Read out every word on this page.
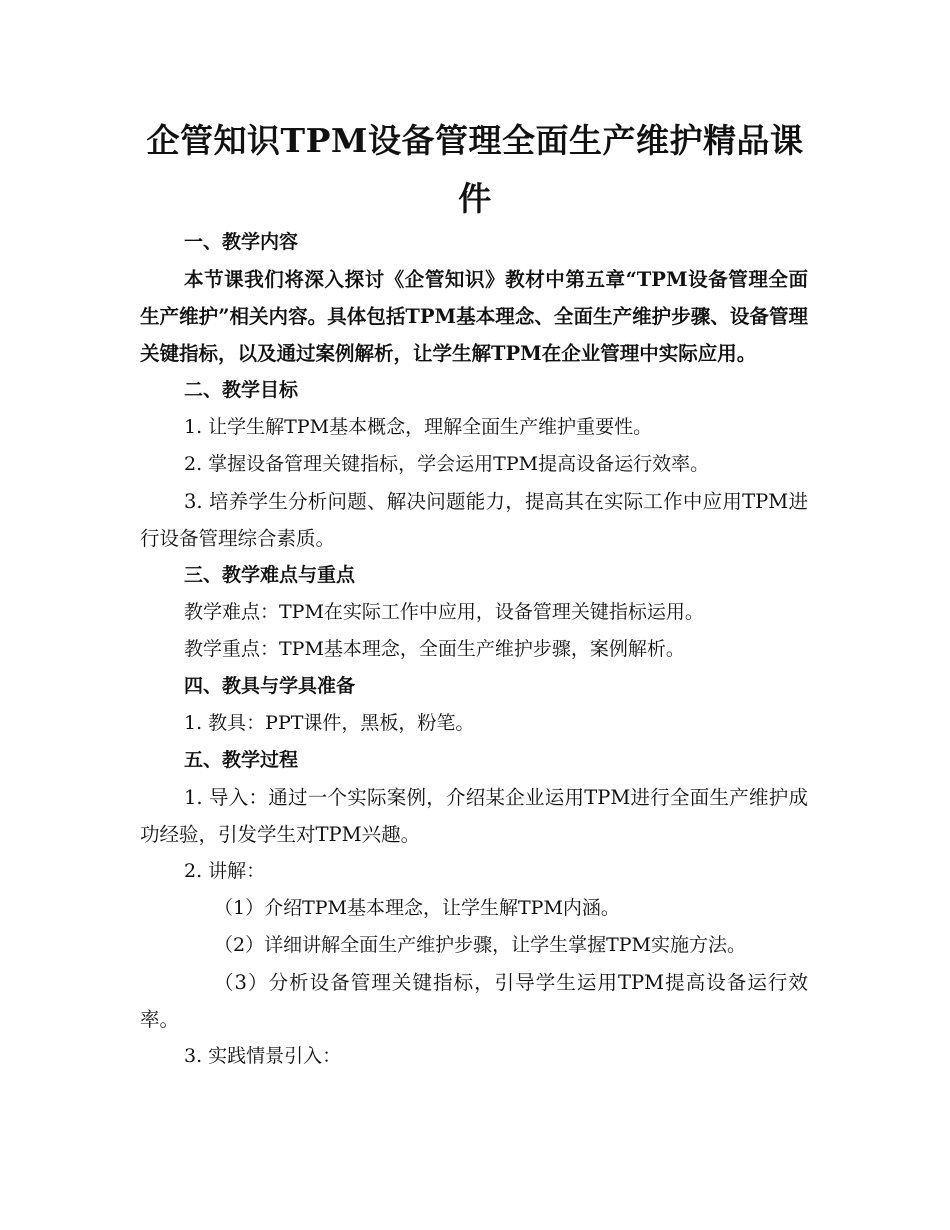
企管知识TPM设备管理全面生产维护精品课件

一、教学内容

本节课我们将深入探讨《企管知识》教材中第五章“TPM设备管理全面生产维护”相关内容。具体包括TPM基本理念、全面生产维护步骤、设备管理关键指标，以及通过案例解析，让学生解TPM在企业管理中实际应用。

二、教学目标

1. 让学生解TPM基本概念，理解全面生产维护重要性。

2. 掌握设备管理关键指标，学会运用TPM提高设备运行效率。

3. 培养学生分析问题、解决问题能力，提高其在实际工作中应用TPM进行设备管理综合素质。

三、教学难点与重点

教学难点：TPM在实际工作中应用，设备管理关键指标运用。

教学重点：TPM基本理念，全面生产维护步骤，案例解析。

四、教具与学具准备

1. 教具：PPT课件，黑板，粉笔。

五、教学过程

1. 导入：通过一个实际案例，介绍某企业运用TPM进行全面生产维护成功经验，引发学生对TPM兴趣。

2. 讲解：

（1）介绍TPM基本理念，让学生解TPM内涵。

（2）详细讲解全面生产维护步骤，让学生掌握TPM实施方法。

（3）分析设备管理关键指标，引导学生运用TPM提高设备运行效率。

3. 实践情景引入：
